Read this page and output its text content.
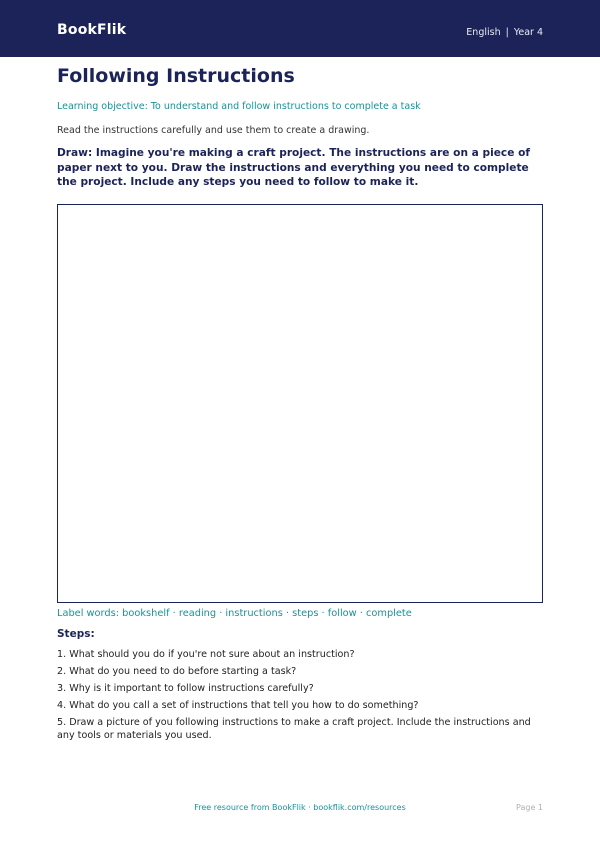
BookFlik	English | Year 4
Following Instructions
Learning objective: To understand and follow instructions to complete a task
Read the instructions carefully and use them to create a drawing.
Draw: Imagine you're making a craft project. The instructions are on a piece of paper next to you. Draw the instructions and everything you need to complete the project. Include any steps you need to follow to make it.
Label words: bookshelf · reading · instructions · steps · follow · complete
Steps:
1. What should you do if you're not sure about an instruction?
2. What do you need to do before starting a task?
3. Why is it important to follow instructions carefully?
4. What do you call a set of instructions that tell you how to do something?
5. Draw a picture of you following instructions to make a craft project. Include the instructions and any tools or materials you used.
Free resource from BookFlik · bookflik.com/resources	Page 1
